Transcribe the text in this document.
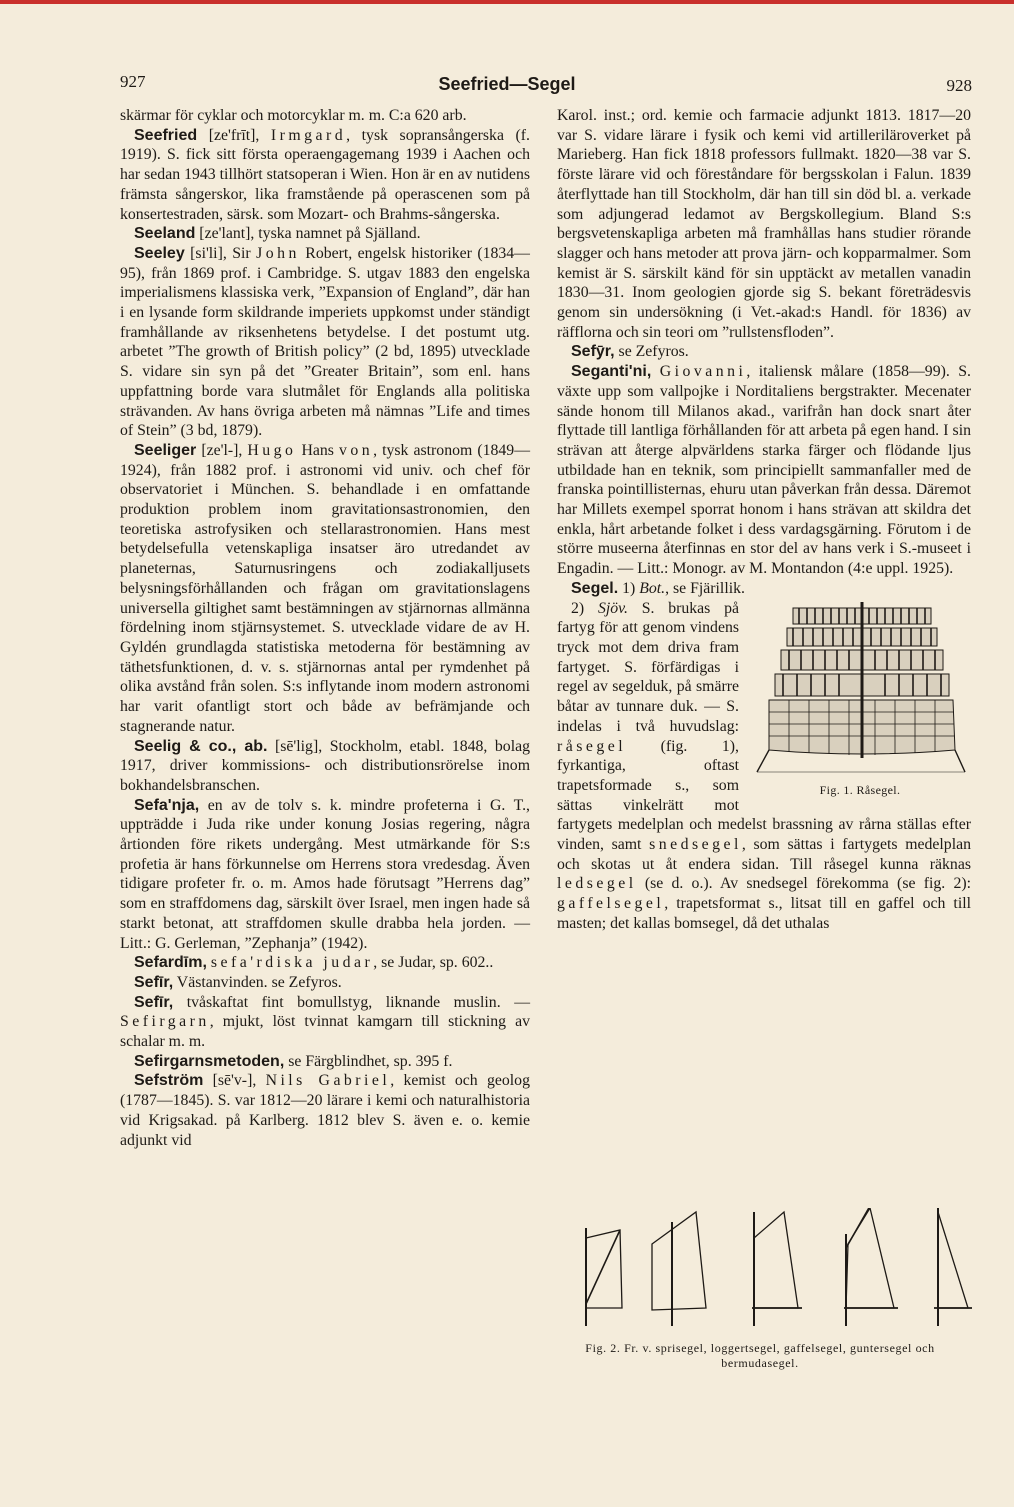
927	Seefried—Segel	928

skärmar för cyklar och motorcyklar m. m. C:a 620 arb.

Seefried [ze'frīt], Irmgard, tysk sopransångerska (f. 1919). S. fick sitt första operaengagemang 1939 i Aachen och har sedan 1943 tillhört statsoperan i Wien. Hon är en av nutidens främsta sångerskor, lika framstående på operascenen som på konsertestraden, särsk. som Mozart- och Brahms-sångerska.

Seeland [ze'lant], tyska namnet på Själland.

Seeley [si'li], Sir John Robert, engelsk historiker (1834—95), från 1869 prof. i Cambridge. S. utgav 1883 den engelska imperialismens klassiska verk, ”Expansion of England”, där han i en lysande form skildrande imperiets uppkomst under ständigt framhållande av riksenhetens betydelse. I det postumt utg. arbetet ”The growth of British policy” (2 bd, 1895) utvecklade S. vidare sin syn på det ”Greater Britain”, som enl. hans uppfattning borde vara slutmålet för Englands alla politiska strävanden. Av hans övriga arbeten må nämnas ”Life and times of Stein” (3 bd, 1879).

Seeliger [ze'l-], Hugo Hans von, tysk astronom (1849—1924), från 1882 prof. i astronomi vid univ. och chef för observatoriet i München. S. behandlade i en omfattande produktion problem inom gravitationsastronomien, den teoretiska astrofysiken och stellarastronomien. Hans mest betydelsefulla vetenskapliga insatser äro utredandet av planeternas, Saturnusringens och zodiakalljusets belysningsförhållanden och frågan om gravitationslagens universella giltighet samt bestämningen av stjärnornas allmänna fördelning inom stjärnsystemet. S. utvecklade vidare de av H. Gyldén grundlagda statistiska metoderna för bestämning av täthetsfunktionen, d. v. s. stjärnornas antal per rymdenhet på olika avstånd från solen. S:s inflytande inom modern astronomi har varit ofantligt stort och både av befrämjande och stagnerande natur.

Seelig & co., ab. [sē'lig], Stockholm, etabl. 1848, bolag 1917, driver kommissions- och distributionsrörelse inom bokhandelsbranschen.

Sefa'nja, en av de tolv s. k. mindre profeterna i G. T., uppträdde i Juda rike under konung Josias regering, några årtionden före rikets undergång. Mest utmärkande för S:s profetia är hans förkunnelse om Herrens stora vredesdag. Även tidigare profeter fr. o. m. Amos hade förutsagt ”Herrens dag” som en straffdomens dag, särskilt över Israel, men ingen hade så starkt betonat, att straffdomen skulle drabba hela jorden. — Litt.: G. Gerleman, ”Zephanja” (1942).

Sefardīm, sefa'rdiska judar, se Judar, sp. 602..

Sefīr, Västanvinden. se Zefyros.

Sefīr, tvåskaftat fint bomullstyg, liknande muslin. — Sefirgarn, mjukt, löst tvinnat kamgarn till stickning av schalar m. m.

Sefirgarnsmetoden, se Färgblindhet, sp. 395 f.

Sefström [sē'v-], Nils Gabriel, kemist och geolog (1787—1845). S. var 1812—20 lärare i kemi och naturalhistoria vid Krigsakad. på Karlberg. 1812 blev S. även e. o. kemie adjunkt vid

Karol. inst.; ord. kemie och farmacie adjunkt 1813. 1817—20 var S. vidare lärare i fysik och kemi vid artilleriläroverket på Marieberg. Han fick 1818 professors fullmakt. 1820—38 var S. förste lärare vid och föreståndare för bergsskolan i Falun. 1839 återflyttade han till Stockholm, där han till sin död bl. a. verkade som adjungerad ledamot av Bergskollegium. Bland S:s bergsvetenskapliga arbeten må framhållas hans studier rörande slagger och hans metoder att prova järn- och kopparmalmer. Som kemist är S. särskilt känd för sin upptäckt av metallen vanadin 1830—31. Inom geologien gjorde sig S. bekant företrädesvis genom sin undersökning (i Vet.-akad:s Handl. för 1836) av räfflorna och sin teori om ”rullstensfloden”.

Sefȳr, se Zefyros.

Seganti'ni, Giovanni, italiensk målare (1858—99). S. växte upp som vallpojke i Norditaliens bergstrakter. Mecenater sände honom till Milanos akad., varifrån han dock snart åter flyttade till lantliga förhållanden för att arbeta på egen hand. I sin strävan att återge alpvärldens starka färger och flödande ljus utbildade han en teknik, som principiellt sammanfaller med de franska pointillisternas, ehuru utan påverkan från dessa. Däremot har Millets exempel sporrat honom i hans strävan att skildra det enkla, hårt arbetande folket i dess vardagsgärning. Förutom i de större museerna återfinnas en stor del av hans verk i S.-museet i Engadin. — Litt.: Monogr. av M. Montandon (4:e uppl. 1925).

Segel. 1) Bot., se Fjärillik.

Fig. 1. Råsegel.

2) Sjöv. S. brukas på fartyg för att genom vindens tryck mot dem driva fram fartyget. S. förfärdigas i regel av segelduk, på smärre båtar av tunnare duk. — S. indelas i två huvudslag: råsegel (fig. 1), fyrkantiga, oftast trapetsformade s., som sättas vinkelrätt mot fartygets medelplan och medelst brassning av rårna ställas efter vinden, samt snedsegel, som sättas i fartygets medelplan och skotas ut åt endera sidan. Till råsegel kunna räknas ledsegel (se d. o.). Av snedsegel förekomma (se fig. 2): gaffelsegel, trapetsformat s., litsat till en gaffel och till masten; det kallas bomsegel, då det uthalas

Fig. 2. Fr. v. sprisegel, loggertsegel, gaffelsegel, guntersegel och bermudasegel.
